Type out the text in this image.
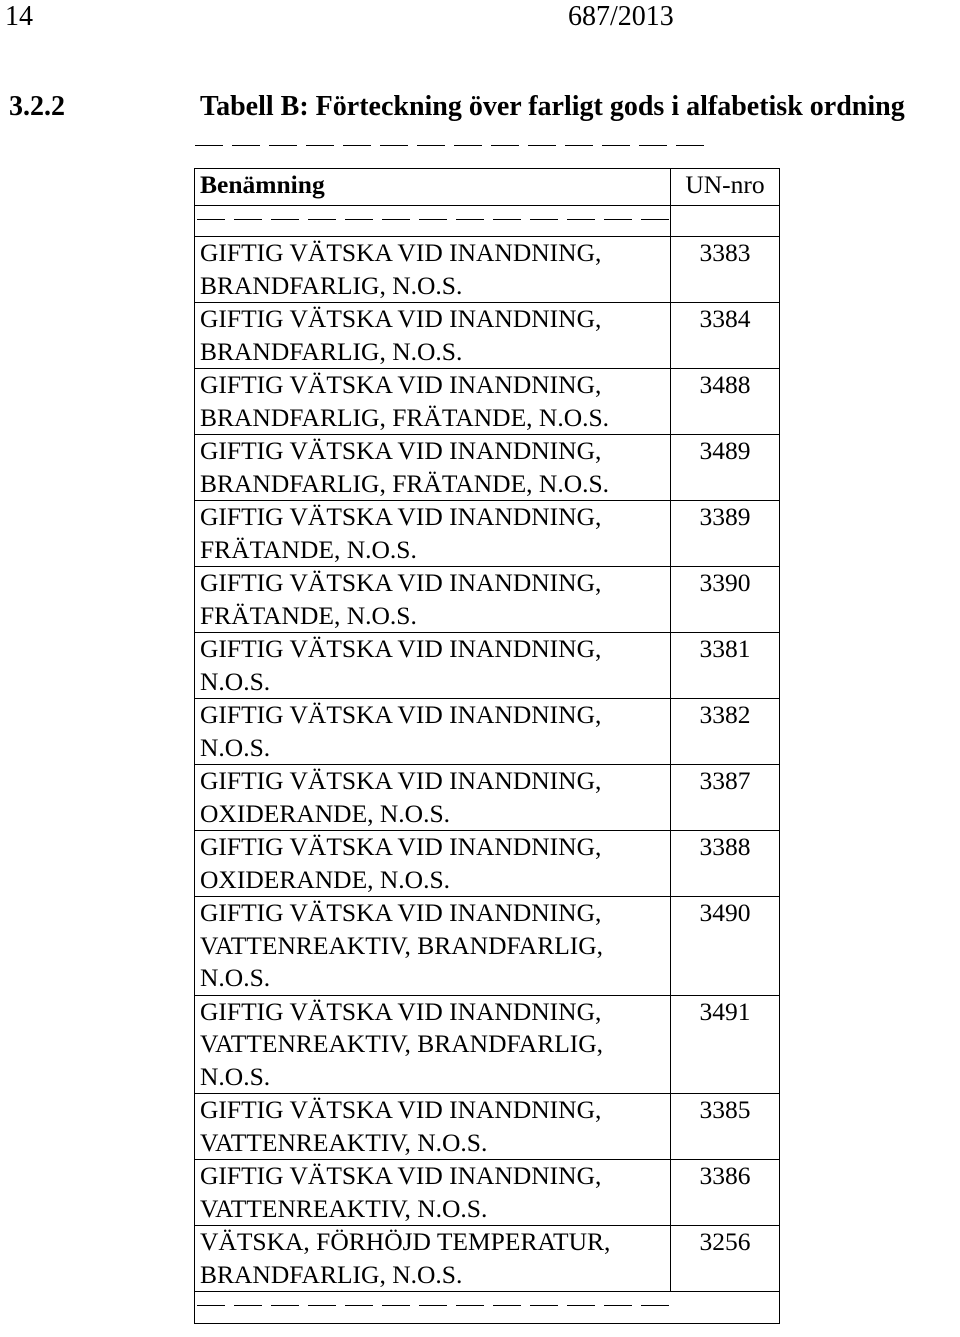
14	687/2013
3.2.2	Tabell B: Förteckning över farligt gods i alfabetisk ordning
Benämning	UN-nro

GIFTIG VÄTSKA VID INANDNING,
BRANDFARLIG, N.O.S.	3383

GIFTIG VÄTSKA VID INANDNING,
BRANDFARLIG, N.O.S.	3384

GIFTIG VÄTSKA VID INANDNING,
BRANDFARLIG, FRÄTANDE, N.O.S.	3488

GIFTIG VÄTSKA VID INANDNING,
BRANDFARLIG, FRÄTANDE, N.O.S.	3489

GIFTIG VÄTSKA VID INANDNING,
FRÄTANDE, N.O.S.	3389

GIFTIG VÄTSKA VID INANDNING,
FRÄTANDE, N.O.S.	3390

GIFTIG VÄTSKA VID INANDNING,
N.O.S.	3381

GIFTIG VÄTSKA VID INANDNING,
N.O.S.	3382

GIFTIG VÄTSKA VID INANDNING,
OXIDERANDE, N.O.S.	3387

GIFTIG VÄTSKA VID INANDNING,
OXIDERANDE, N.O.S.	3388

GIFTIG VÄTSKA VID INANDNING,
VATTENREAKTIV, BRANDFARLIG,
N.O.S.	3490

GIFTIG VÄTSKA VID INANDNING,
VATTENREAKTIV, BRANDFARLIG,
N.O.S.	3491

GIFTIG VÄTSKA VID INANDNING,
VATTENREAKTIV, N.O.S.	3385

GIFTIG VÄTSKA VID INANDNING,
VATTENREAKTIV, N.O.S.	3386

VÄTSKA, FÖRHÖJD TEMPERATUR,
BRANDFARLIG, N.O.S.	3256
